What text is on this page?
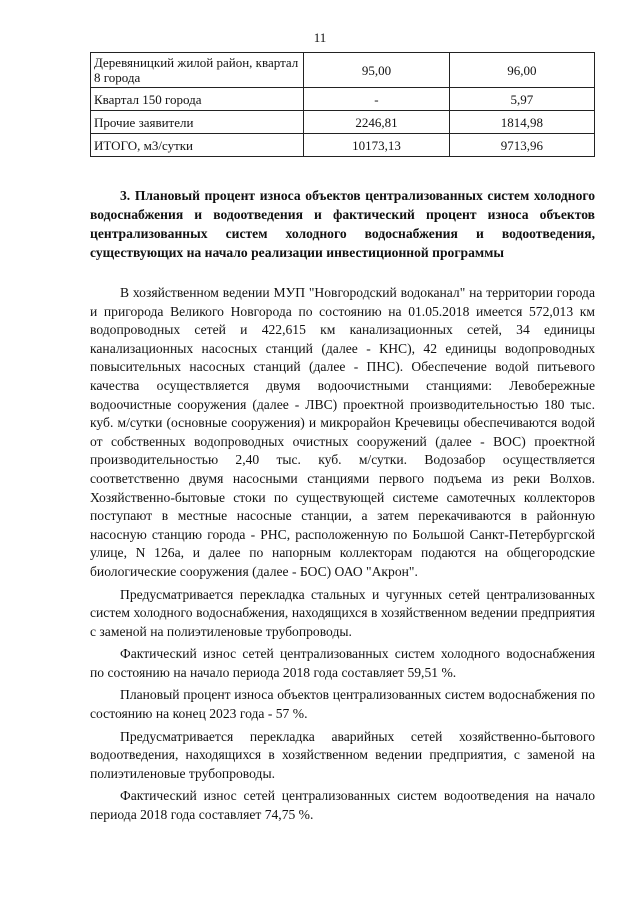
11
Деревяницкий жилой район, квартал 8 города	95,00	96,00
Квартал 150 города	-	5,97
Прочие заявители	2246,81	1814,98
ИТОГО, м3/сутки	10173,13	9713,96

3. Плановый процент износа объектов централизованных систем холодного водоснабжения и водоотведения и фактический процент износа объектов централизованных систем холодного водоснабжения и водоотведения, существующих на начало реализации инвестиционной программы

В хозяйственном ведении МУП "Новгородский водоканал" на территории города и пригорода Великого Новгорода по состоянию на 01.05.2018 имеется 572,013 км водопроводных сетей и 422,615 км канализационных сетей, 34 единицы канализационных насосных станций (далее - КНС), 42 единицы водопроводных повысительных насосных станций (далее - ПНС). Обеспечение водой питьевого качества осуществляется двумя водоочистными станциями: Левобережные водоочистные сооружения (далее - ЛВС) проектной производительностью 180 тыс. куб. м/сутки (основные сооружения) и микрорайон Кречевицы обеспечиваются водой от собственных водопроводных очистных сооружений (далее - ВОС) проектной производительностью 2,40 тыс. куб. м/сутки. Водозабор осуществляется соответственно двумя насосными станциями первого подъема из реки Волхов. Хозяйственно-бытовые стоки по существующей системе самотечных коллекторов поступают в местные насосные станции, а затем перекачиваются в районную насосную станцию города - РНС, расположенную по Большой Санкт-Петербургской улице, N 126а, и далее по напорным коллекторам подаются на общегородские биологические сооружения (далее - БОС) ОАО "Акрон".

Предусматривается перекладка стальных и чугунных сетей централизованных систем холодного водоснабжения, находящихся в хозяйственном ведении предприятия с заменой на полиэтиленовые трубопроводы.

Фактический износ сетей централизованных систем холодного водоснабжения по состоянию на начало периода 2018 года составляет 59,51 %.

Плановый процент износа объектов централизованных систем водоснабжения по состоянию на конец 2023 года - 57 %.

Предусматривается перекладка аварийных сетей хозяйственно-бытового водоотведения, находящихся в хозяйственном ведении предприятия, с заменой на полиэтиленовые трубопроводы.

Фактический износ сетей централизованных систем водоотведения на начало периода 2018 года составляет 74,75 %.
